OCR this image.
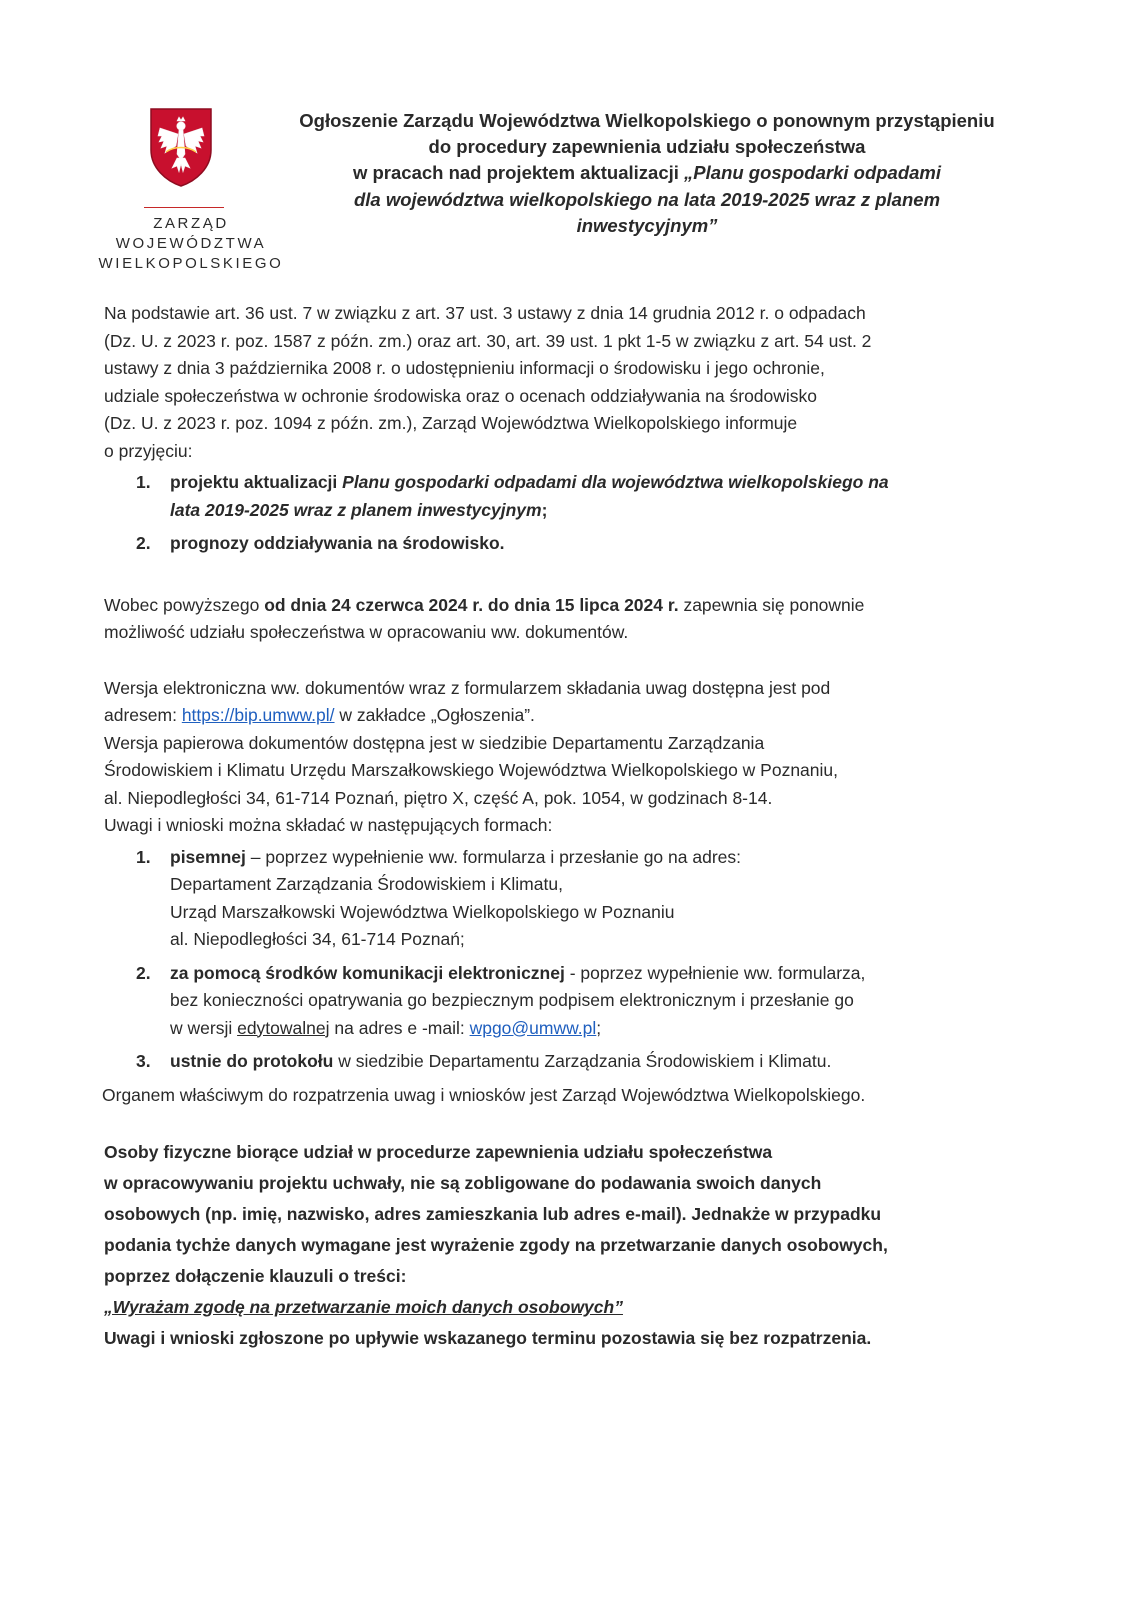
ZARZĄD
WOJEWÓDZTWA
WIELKOPOLSKIEGO
Ogłoszenie Zarządu Województwa Wielkopolskiego o ponownym przystąpieniu
do procedury zapewnienia udziału społeczeństwa
w pracach nad projektem aktualizacji „Planu gospodarki odpadami
dla województwa wielkopolskiego na lata 2019-2025 wraz z planem
inwestycyjnym”

Na podstawie art. 36 ust. 7 w związku z art. 37 ust. 3 ustawy z dnia 14 grudnia 2012 r. o odpadach

(Dz. U. z 2023 r. poz. 1587 z późn. zm.) oraz art. 30, art. 39 ust. 1 pkt 1-5 w związku z art. 54 ust. 2

ustawy z dnia 3 października 2008 r. o udostępnieniu informacji o środowisku i jego ochronie,

udziale społeczeństwa w ochronie środowiska oraz o ocenach oddziaływania na środowisko

(Dz. U. z 2023 r. poz. 1094 z późn. zm.), Zarząd Województwa Wielkopolskiego informuje

o przyjęciu:

1. projektu aktualizacji Planu gospodarki odpadami dla województwa wielkopolskiego na
lata 2019-2025 wraz z planem inwestycyjnym;
2. prognozy oddziaływania na środowisko.

Wobec powyższego od dnia 24 czerwca 2024 r. do dnia 15 lipca 2024 r. zapewnia się ponownie

możliwość udziału społeczeństwa w opracowaniu ww. dokumentów.

Wersja elektroniczna ww. dokumentów wraz z formularzem składania uwag dostępna jest pod

adresem: https://bip.umww.pl/ w zakładce „Ogłoszenia”.

Wersja papierowa dokumentów dostępna jest w siedzibie Departamentu Zarządzania

Środowiskiem i Klimatu Urzędu Marszałkowskiego Województwa Wielkopolskiego w Poznaniu,

al. Niepodległości 34, 61-714 Poznań, piętro X, część A, pok. 1054, w godzinach 8-14.

Uwagi i wnioski można składać w następujących formach:

1. pisemnej – poprzez wypełnienie ww. formularza i przesłanie go na adres:
Departament Zarządzania Środowiskiem i Klimatu,
Urząd Marszałkowski Województwa Wielkopolskiego w Poznaniu
al. Niepodległości 34, 61-714 Poznań;
2. za pomocą środków komunikacji elektronicznej - poprzez wypełnienie ww. formularza,
bez konieczności opatrywania go bezpiecznym podpisem elektronicznym i przesłanie go
w wersji edytowalnej na adres e -mail: wpgo@umww.pl;
3. ustnie do protokołu w siedzibie Departamentu Zarządzania Środowiskiem i Klimatu.

Organem właściwym do rozpatrzenia uwag i wniosków jest Zarząd Województwa Wielkopolskiego.

Osoby fizyczne biorące udział w procedurze zapewnienia udziału społeczeństwa

w opracowywaniu projektu uchwały, nie są zobligowane do podawania swoich danych

osobowych (np. imię, nazwisko, adres zamieszkania lub adres e-mail). Jednakże w przypadku

podania tychże danych wymagane jest wyrażenie zgody na przetwarzanie danych osobowych,

poprzez dołączenie klauzuli o treści:

„Wyrażam zgodę na przetwarzanie moich danych osobowych”

Uwagi i wnioski zgłoszone po upływie wskazanego terminu pozostawia się bez rozpatrzenia.
